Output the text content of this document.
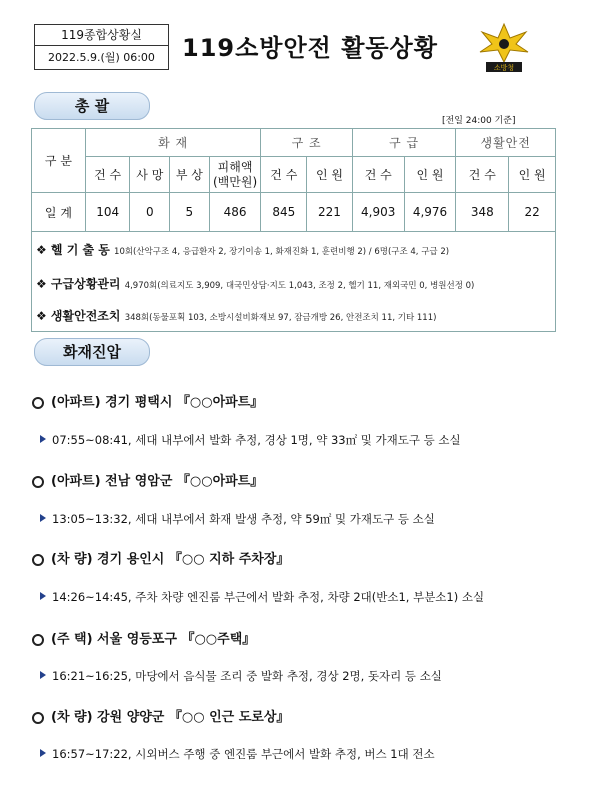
119종합상황실
2022.5.9.(월) 06:00	119소방안전 활동상황
소방청
총 괄
[전일 24:00 기준]
구 분	화 재				구 조		구 급		생활안전	
	건 수	사 망	부 상	피해액
(백만원)	건 수	인 원	건 수	인 원	건 수	인 원
일 계	104	0	5	486	845	221	4,903	4,976	348	22
❖ 헬 기 출 동 10회(산악구조 4, 응급환자 2, 장기이송 1, 화재진화 1, 훈련비행 2) / 6명(구조 4, 구급 2)
❖ 구급상황관리 4,970회(의료지도 3,909, 대국민상담·지도 1,043, 조정 2, 헬기 11, 재외국민 0, 병원선정 0)
❖ 생활안전조치 348회(동물포획 103, 소방시설비화재보 97, 잠금개방 26, 안전조치 11, 기타 111)
화재진압
(아파트) 경기 평택시 『○○아파트』
07:55~08:41, 세대 내부에서 발화 추정, 경상 1명, 약 33㎡ 및 가재도구 등 소실
(아파트) 전남 영암군 『○○아파트』
13:05~13:32, 세대 내부에서 화재 발생 추정, 약 59㎡ 및 가재도구 등 소실
(차 량) 경기 용인시 『○○ 지하 주차장』
14:26~14:45, 주차 차량 엔진룸 부근에서 발화 추정, 차량 2대(반소1, 부분소1) 소실
(주 택) 서울 영등포구 『○○주택』
16:21~16:25, 마당에서 음식물 조리 중 발화 추정, 경상 2명, 돗자리 등 소실
(차 량) 강원 양양군 『○○ 인근 도로상』
16:57~17:22, 시외버스 주행 중 엔진룸 부근에서 발화 추정, 버스 1대 전소
